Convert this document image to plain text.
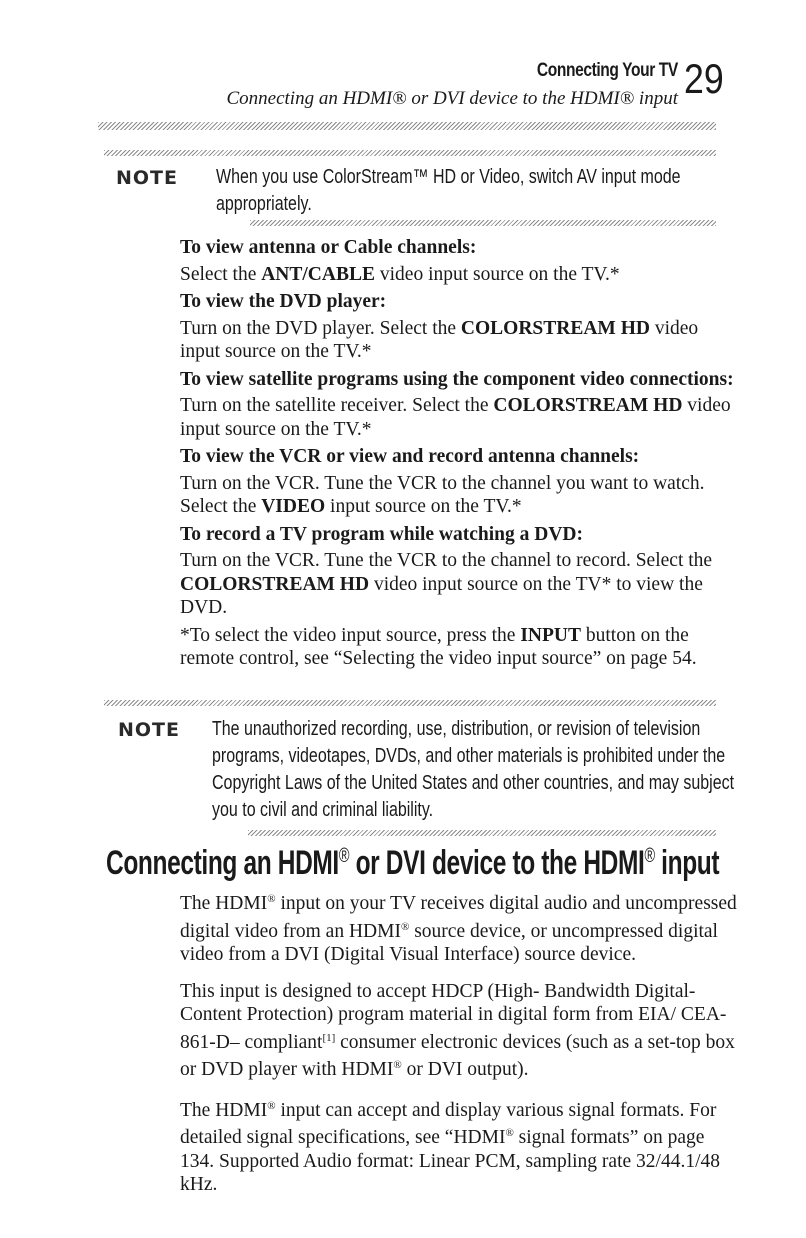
Connecting Your TV
Connecting an HDMI® or DVI device to the HDMI® input 29
NOTE When you use ColorStream™ HD or Video, switch AV input mode
appropriately.
To view antenna or Cable channels:
Select the ANT/CABLE video input source on the TV.*
To view the DVD player:
Turn on the DVD player. Select the COLORSTREAM HD video input source on the TV.*
To view satellite programs using the component video connections:
Turn on the satellite receiver. Select the COLORSTREAM HD video input source on the TV.*
To view the VCR or view and record antenna channels:
Turn on the VCR. Tune the VCR to the channel you want to watch. Select the VIDEO input source on the TV.*
To record a TV program while watching a DVD:
Turn on the VCR. Tune the VCR to the channel to record. Select the COLORSTREAM HD video input source on the TV* to view the DVD.
*To select the video input source, press the INPUT button on the remote control, see “Selecting the video input source” on page 54.
NOTE The unauthorized recording, use, distribution, or revision of television
programs, videotapes, DVDs, and other materials is prohibited under the
Copyright Laws of the United States and other countries, and may subject
you to civil and criminal liability.
Connecting an HDMI® or DVI device to the HDMI® input
The HDMI® input on your TV receives digital audio and uncompressed digital video from an HDMI® source device, or uncompressed digital video from a DVI (Digital Visual Interface) source device.
This input is designed to accept HDCP (High- Bandwidth Digital-Content Protection) program material in digital form from EIA/ CEA-861-D– compliant[1] consumer electronic devices (such as a set-top box or DVD player with HDMI® or DVI output).
The HDMI® input can accept and display various signal formats. For detailed signal specifications, see “HDMI® signal formats” on page 134. Supported Audio format: Linear PCM, sampling rate 32/44.1/48 kHz.
